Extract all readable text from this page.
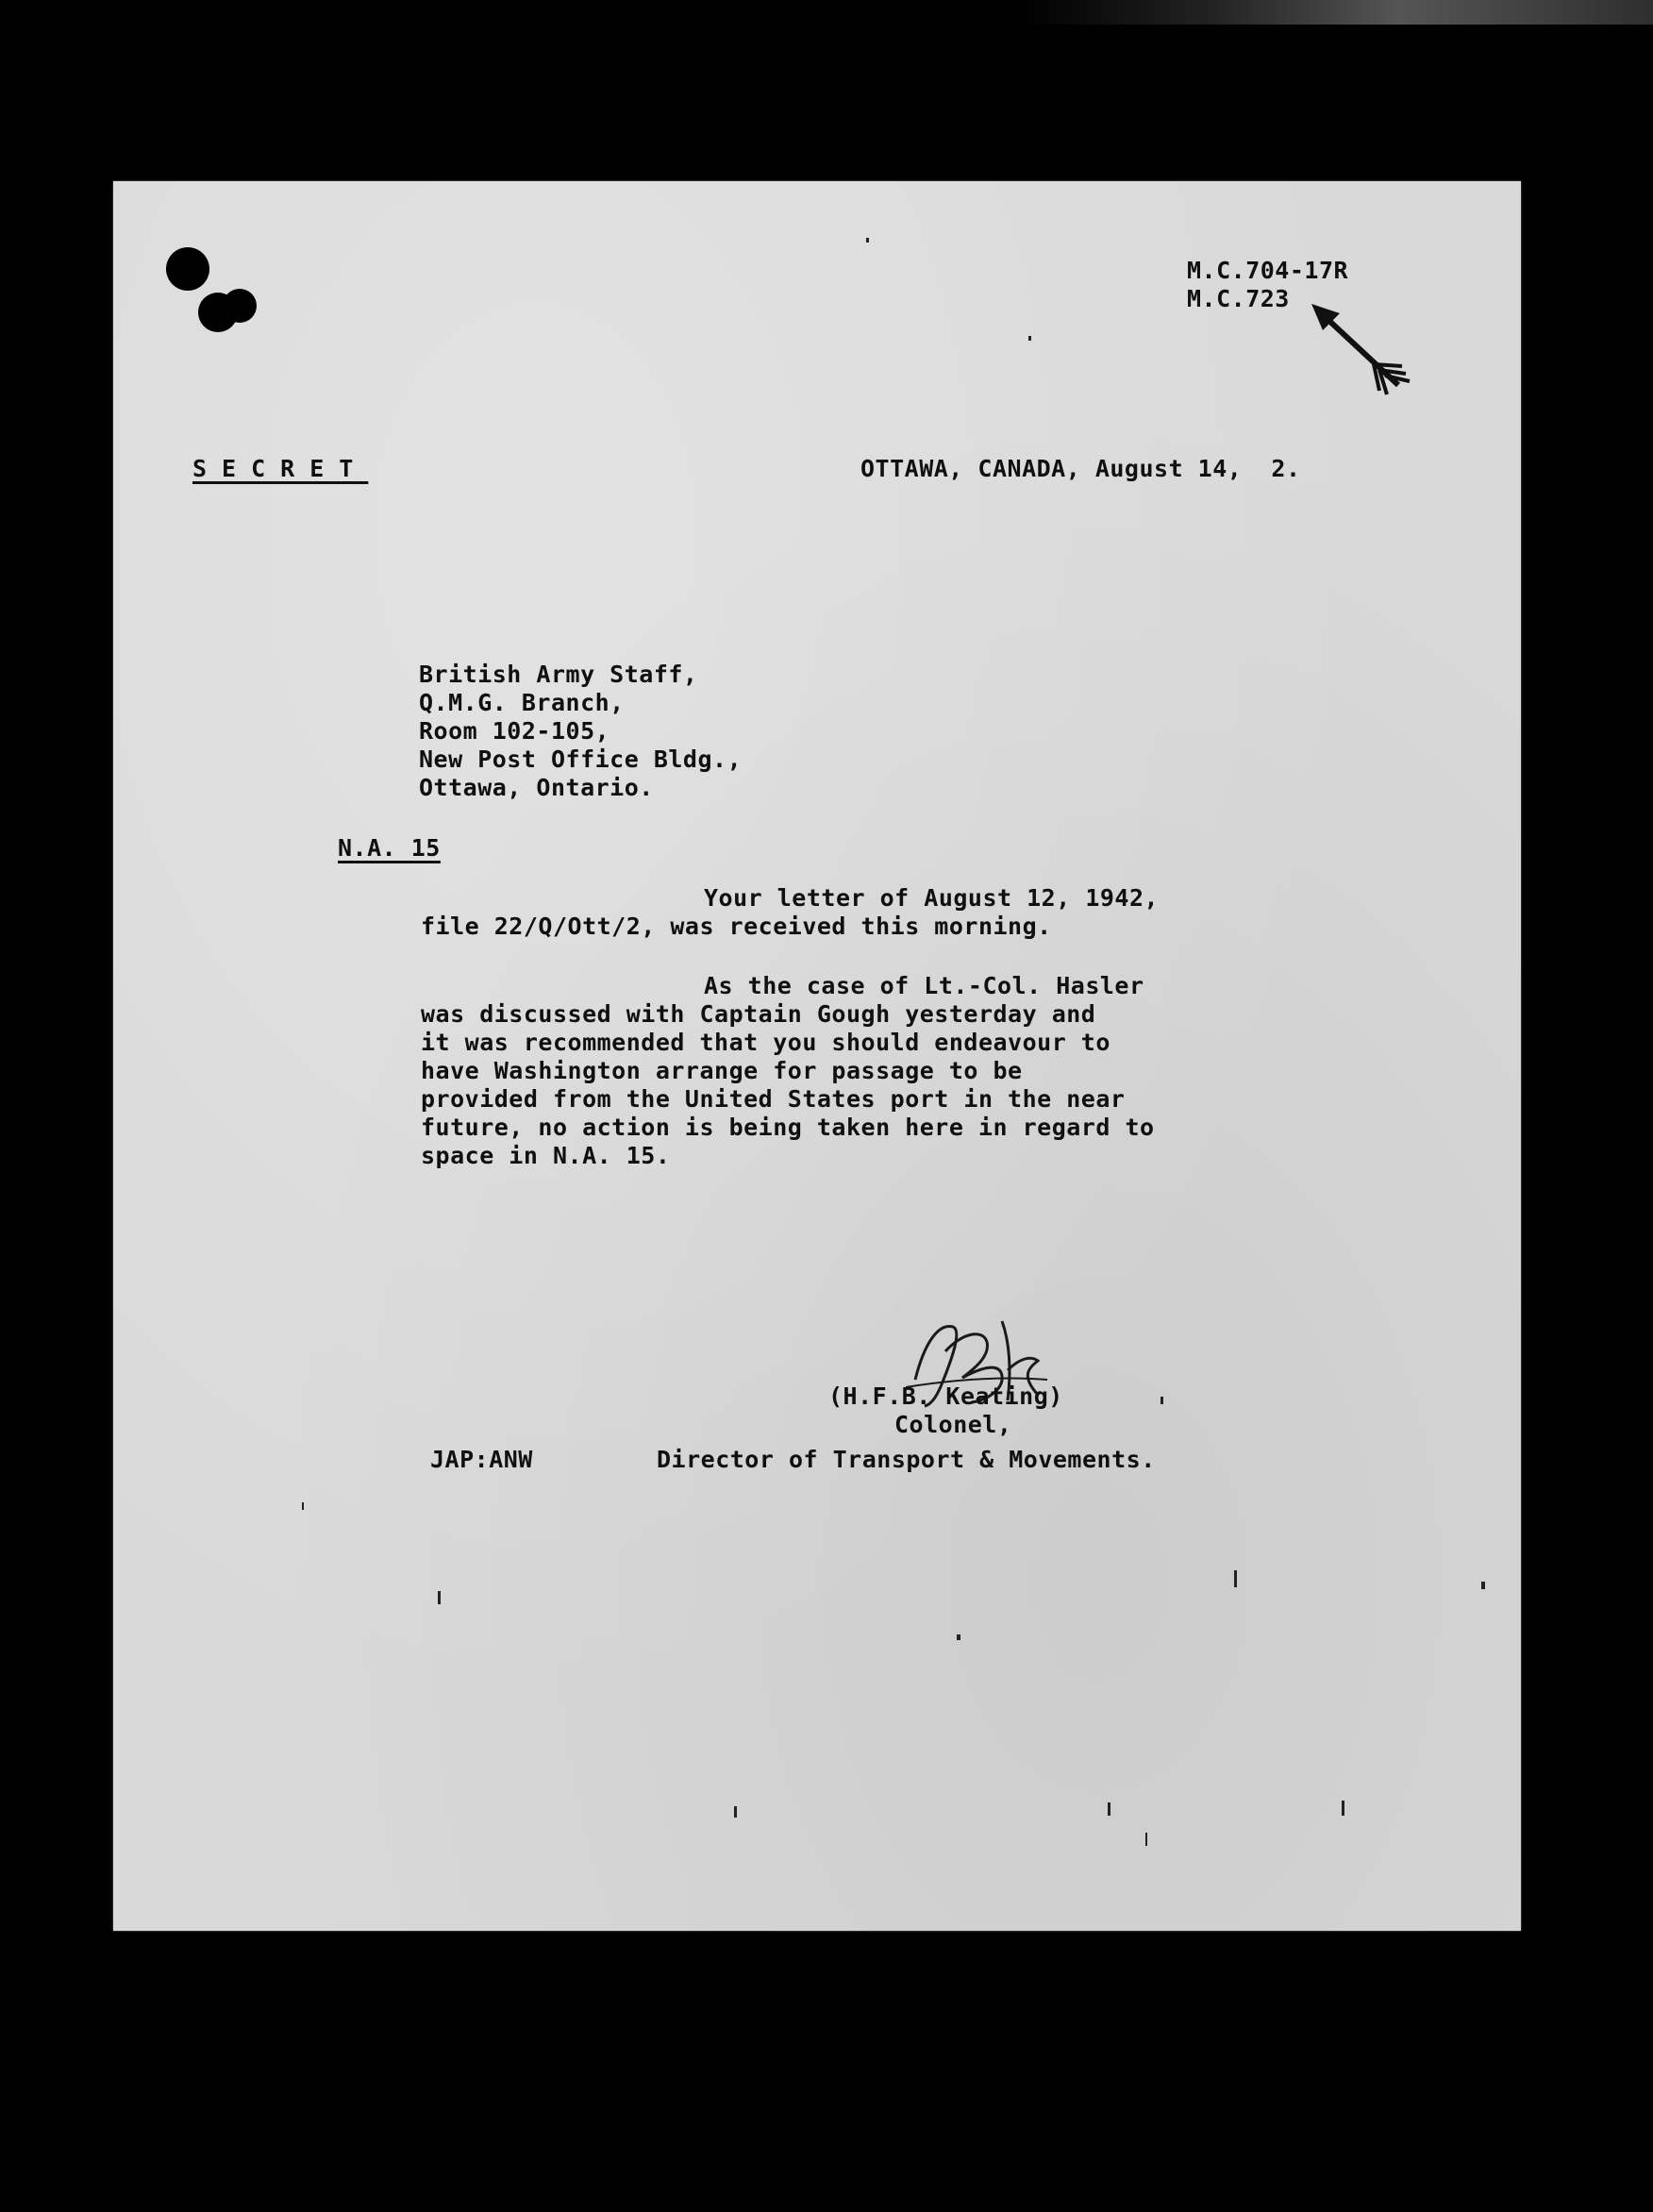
M.C.704-17R
M.C.723
SECRET	OTTAWA, CANADA, August 14,  2.
British Army Staff,
Q.M.G. Branch,
Room 102-105,
New Post Office Bldg.,
Ottawa, Ontario.
N.A. 15
Your letter of August 12, 1942,
file 22/Q/Ott/2, was received this morning.
As the case of Lt.-Col. Hasler
was discussed with Captain Gough yesterday and
it was recommended that you should endeavour to
have Washington arrange for passage to be
provided from the United States port in the near
future, no action is being taken here in regard to
space in N.A. 15.
(H.F.B. Keating)
Colonel,
JAP:ANW	Director of Transport & Movements.
